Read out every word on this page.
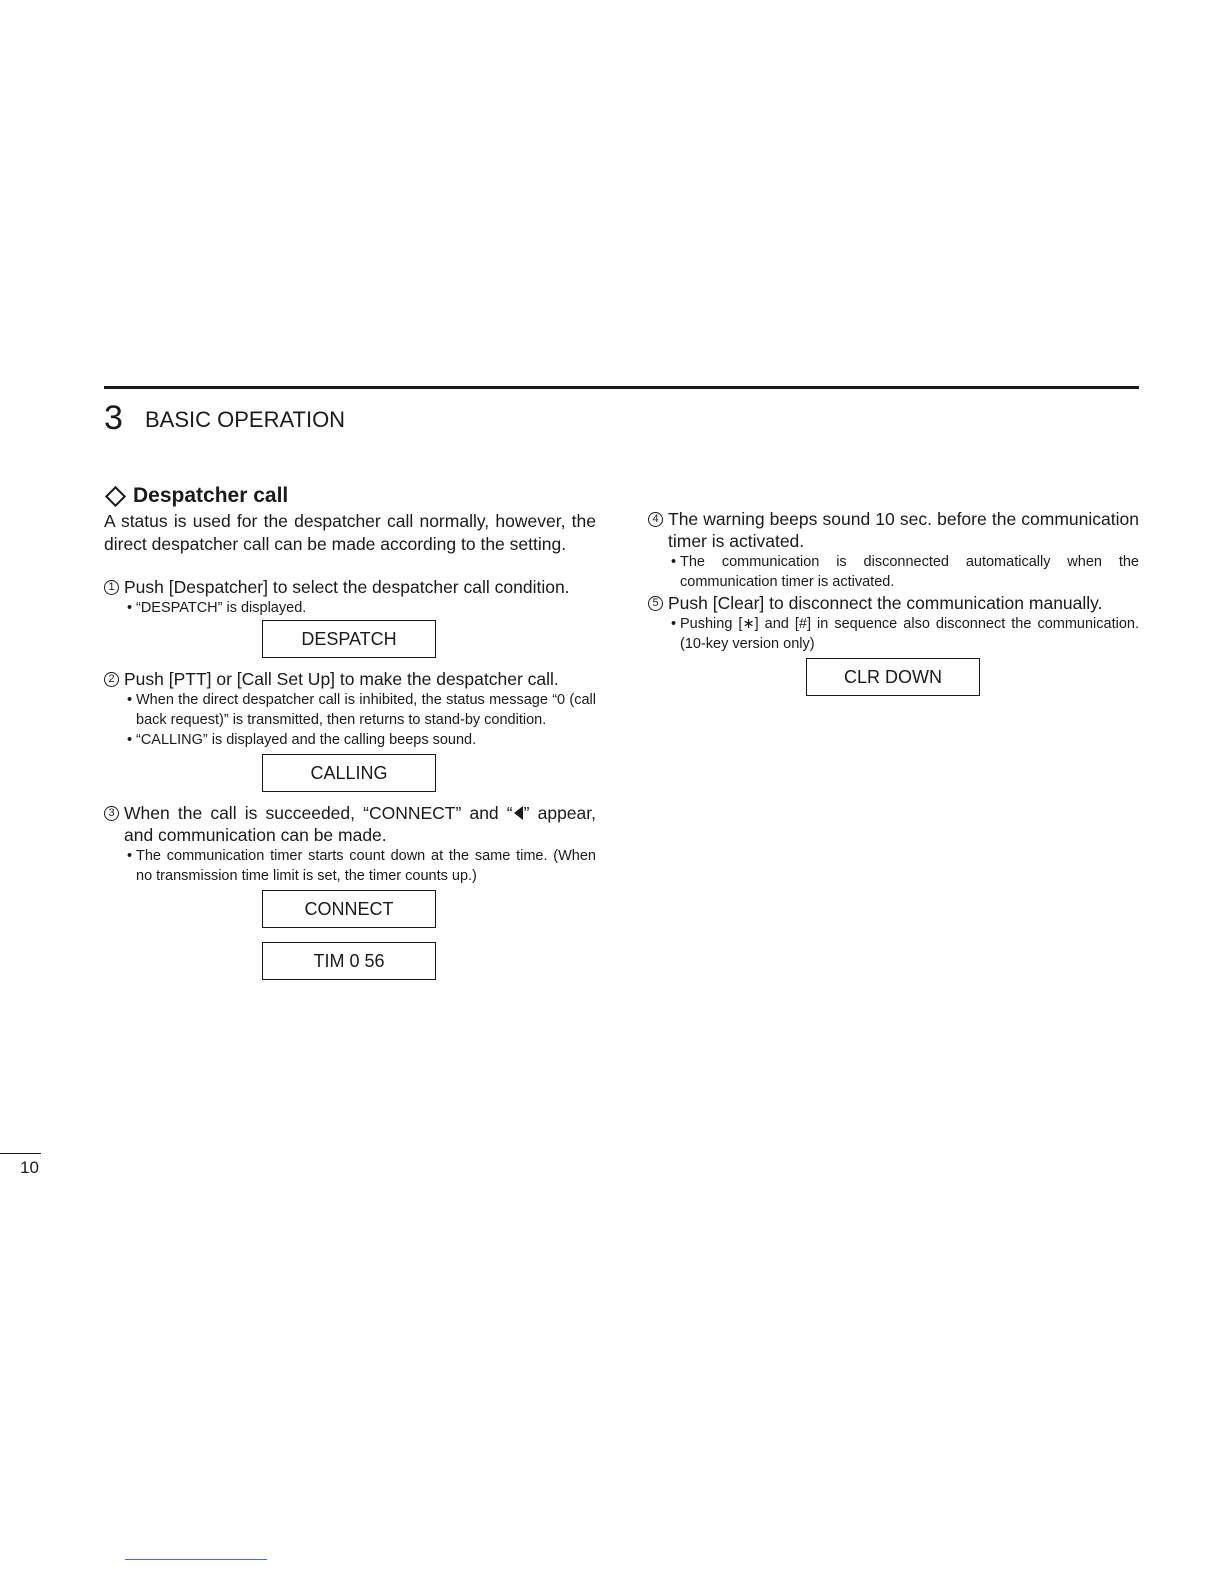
3 BASIC OPERATION
Despatcher call

A status is used for the despatcher call normally, however, the direct despatcher call can be made according to the setting.

1 Push [Despatcher] to select the despatcher call condition.
• “DESPATCH” is displayed.
DESPATCH
2 Push [PTT] or [Call Set Up] to make the despatcher call.
• When the direct despatcher call is inhibited, the status message “0 (call back request)” is transmitted, then returns to stand-by condition.
• “CALLING” is displayed and the calling beeps sound.
CALLING
3 When the call is succeeded, “CONNECT” and “ ” appear, and communication can be made.
• The communication timer starts count down at the same time. (When no transmission time limit is set, the timer counts up.)
CONNECT
TIM 0 56
4 The warning beeps sound 10 sec. before the communication timer is activated.
• The communication is disconnected automatically when the communication timer is activated.
5 Push [Clear] to disconnect the communication manually.
• Pushing [∗] and [#] in sequence also disconnect the communication. (10-key version only)
CLR DOWN
10
